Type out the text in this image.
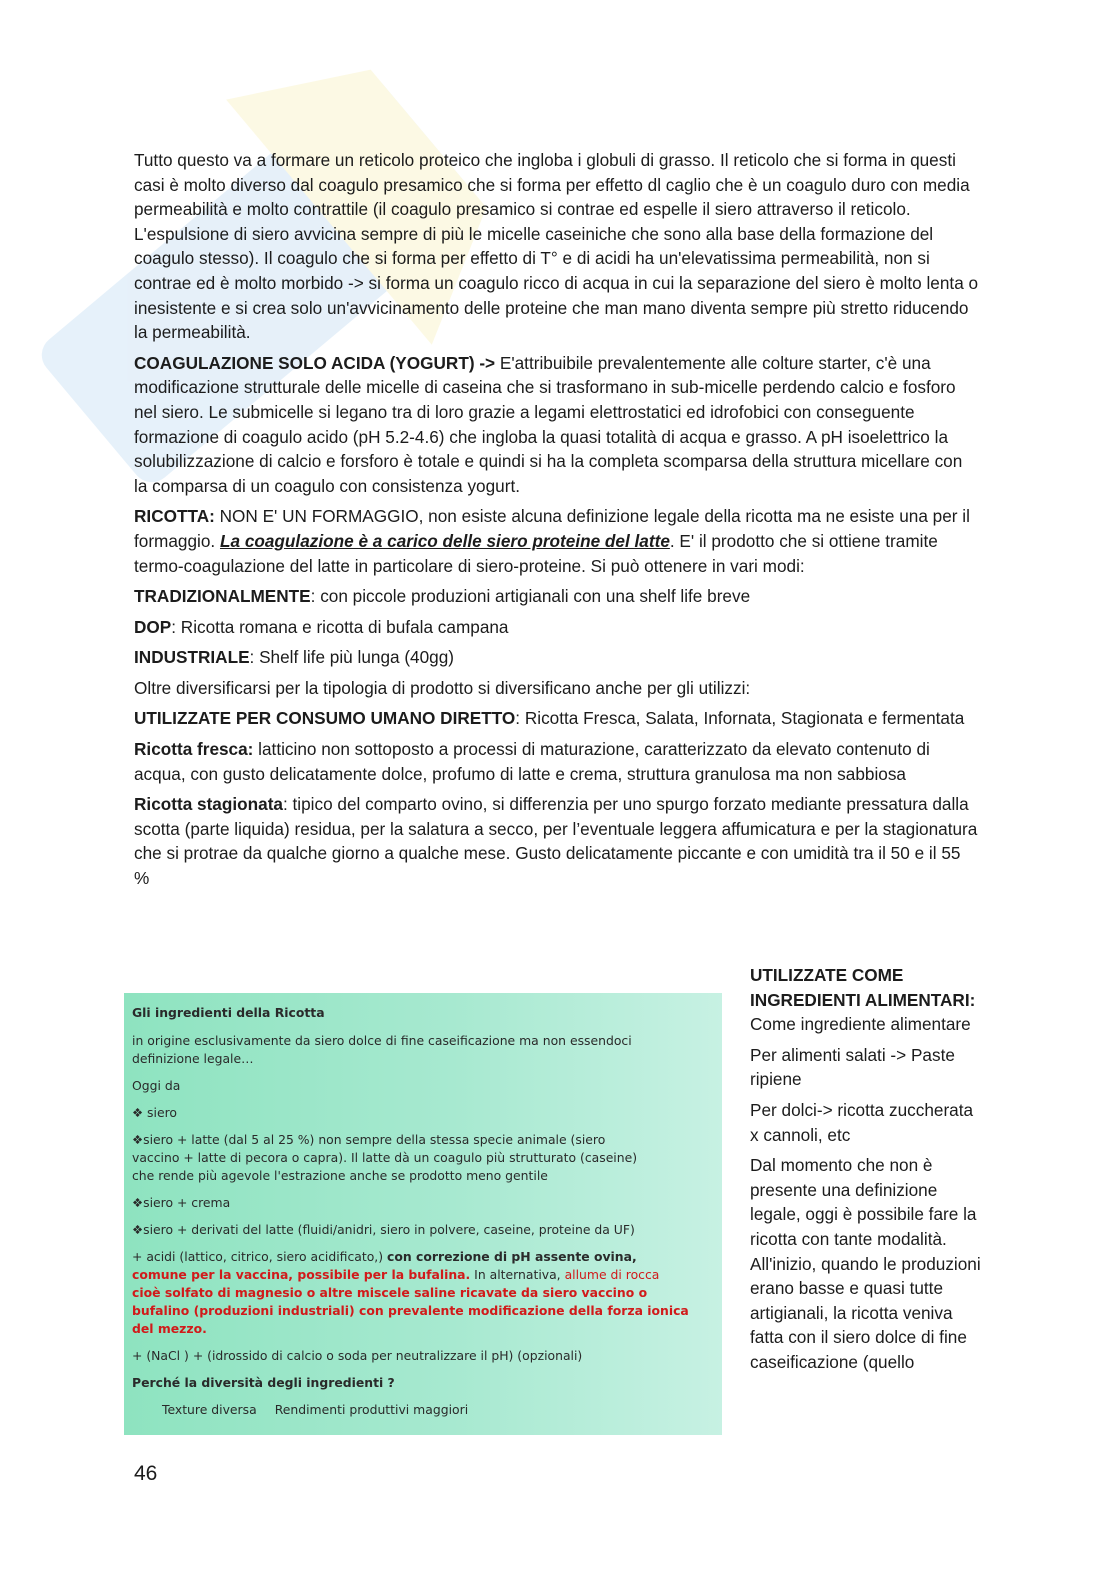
Tutto questo va a formare un reticolo proteico che ingloba i globuli di grasso. Il reticolo che si forma in questi casi è molto diverso dal coagulo presamico che si forma per effetto dl caglio che è un coagulo duro con media permeabilità e molto contrattile (il coagulo presamico si contrae ed espelle il siero attraverso il reticolo. L'espulsione di siero avvicina sempre di più le micelle caseiniche che sono alla base della formazione del coagulo stesso). Il coagulo che si forma per effetto di T° e di acidi ha un'elevatissima permeabilità, non si contrae ed è molto morbido -> si forma un coagulo ricco di acqua in cui la separazione del siero è molto lenta o inesistente e si crea solo un'avvicinamento delle proteine che man mano diventa sempre più stretto riducendo la permeabilità.

COAGULAZIONE SOLO ACIDA (YOGURT) -> E'attribuibile prevalentemente alle colture starter, c'è una modificazione strutturale delle micelle di caseina che si trasformano in sub-micelle perdendo calcio e fosforo nel siero. Le submicelle si legano tra di loro grazie a legami elettrostatici ed idrofobici con conseguente formazione di coagulo acido (pH 5.2-4.6) che ingloba la quasi totalità di acqua e grasso. A pH isoelettrico la solubilizzazione di calcio e forsforo è totale e quindi si ha la completa scomparsa della struttura micellare con la comparsa di un coagulo con consistenza yogurt.

RICOTTA: NON E' UN FORMAGGIO, non esiste alcuna definizione legale della ricotta ma ne esiste una per il formaggio. La coagulazione è a carico delle siero proteine del latte. E' il prodotto che si ottiene tramite termo-coagulazione del latte in particolare di siero-proteine. Si può ottenere in vari modi:

TRADIZIONALMENTE: con piccole produzioni artigianali con una shelf life breve

DOP: Ricotta romana e ricotta di bufala campana

INDUSTRIALE: Shelf life più lunga (40gg)

Oltre diversificarsi per la tipologia di prodotto si diversificano anche per gli utilizzi:

UTILIZZATE PER CONSUMO UMANO DIRETTO: Ricotta Fresca, Salata, Infornata, Stagionata e fermentata

Ricotta fresca: latticino non sottoposto a processi di maturazione, caratterizzato da elevato contenuto di acqua, con gusto delicatamente dolce, profumo di latte e crema, struttura granulosa ma non sabbiosa

Ricotta stagionata: tipico del comparto ovino, si differenzia per uno spurgo forzato mediante pressatura dalla scotta (parte liquida) residua, per la salatura a secco, per l’eventuale leggera affumicatura e per la stagionatura che si protrae da qualche giorno a qualche mese. Gusto delicatamente piccante e con umidità tra il 50 e il 55 %

Gli ingredienti della Ricotta
in origine esclusivamente da siero dolce di fine caseificazione ma non essendoci
definizione legale…
Oggi da
❖ siero
❖siero + latte (dal 5 al 25 %) non sempre della stessa specie animale (siero
vaccino + latte di pecora o capra). Il latte dà un coagulo più strutturato (caseine)
che rende più agevole l'estrazione anche se prodotto meno gentile
❖siero + crema
❖siero + derivati del latte (fluidi/anidri, siero in polvere, caseine, proteine da UF)
+ acidi (lattico, citrico, siero acidificato,) con correzione di pH assente ovina,
comune per la vaccina, possibile per la bufalina. In alternativa, allume di rocca
cioè solfato di magnesio o altre miscele saline ricavate da siero vaccino o
bufalino (produzioni industriali) con prevalente modificazione della forza ionica
del mezzo.
+ (NaCl ) + (idrossido di calcio o soda per neutralizzare il pH) (opzionali)
Perché la diversità degli ingredienti ?
Texture diversa Rendimenti produttivi maggiori

UTILIZZATE COME INGREDIENTI ALIMENTARI: Come ingrediente alimentare

Per alimenti salati -> Paste ripiene

Per dolci-> ricotta zuccherata x cannoli, etc

Dal momento che non è presente una definizione legale, oggi è possibile fare la ricotta con tante modalità. All'inizio, quando le produzioni erano basse e quasi tutte artigianali, la ricotta veniva fatta con il siero dolce di fine caseificazione (quello

46
